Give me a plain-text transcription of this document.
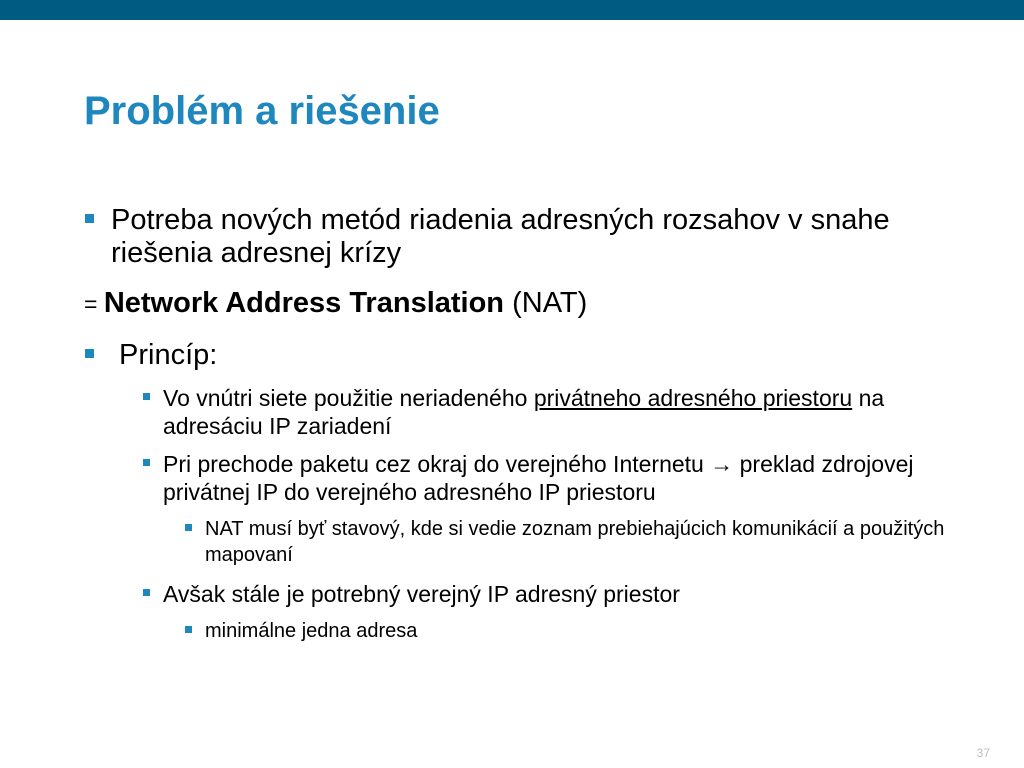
Problém a riešenie

Potreba nových metód riadenia adresných rozsahov v snahe riešenia adresnej krízy

= Network Address Translation (NAT)

Princíp:

Vo vnútri siete použitie neriadeného privátneho adresného priestoru na adresáciu IP zariadení

Pri prechode paketu cez okraj do verejného Internetu → preklad zdrojovej privátnej IP do verejného adresného IP priestoru

NAT musí byť stavový, kde si vedie zoznam prebiehajúcich komunikácií a použitých mapovaní

Avšak stále je potrebný verejný IP adresný priestor

minimálne jedna adresa

37
